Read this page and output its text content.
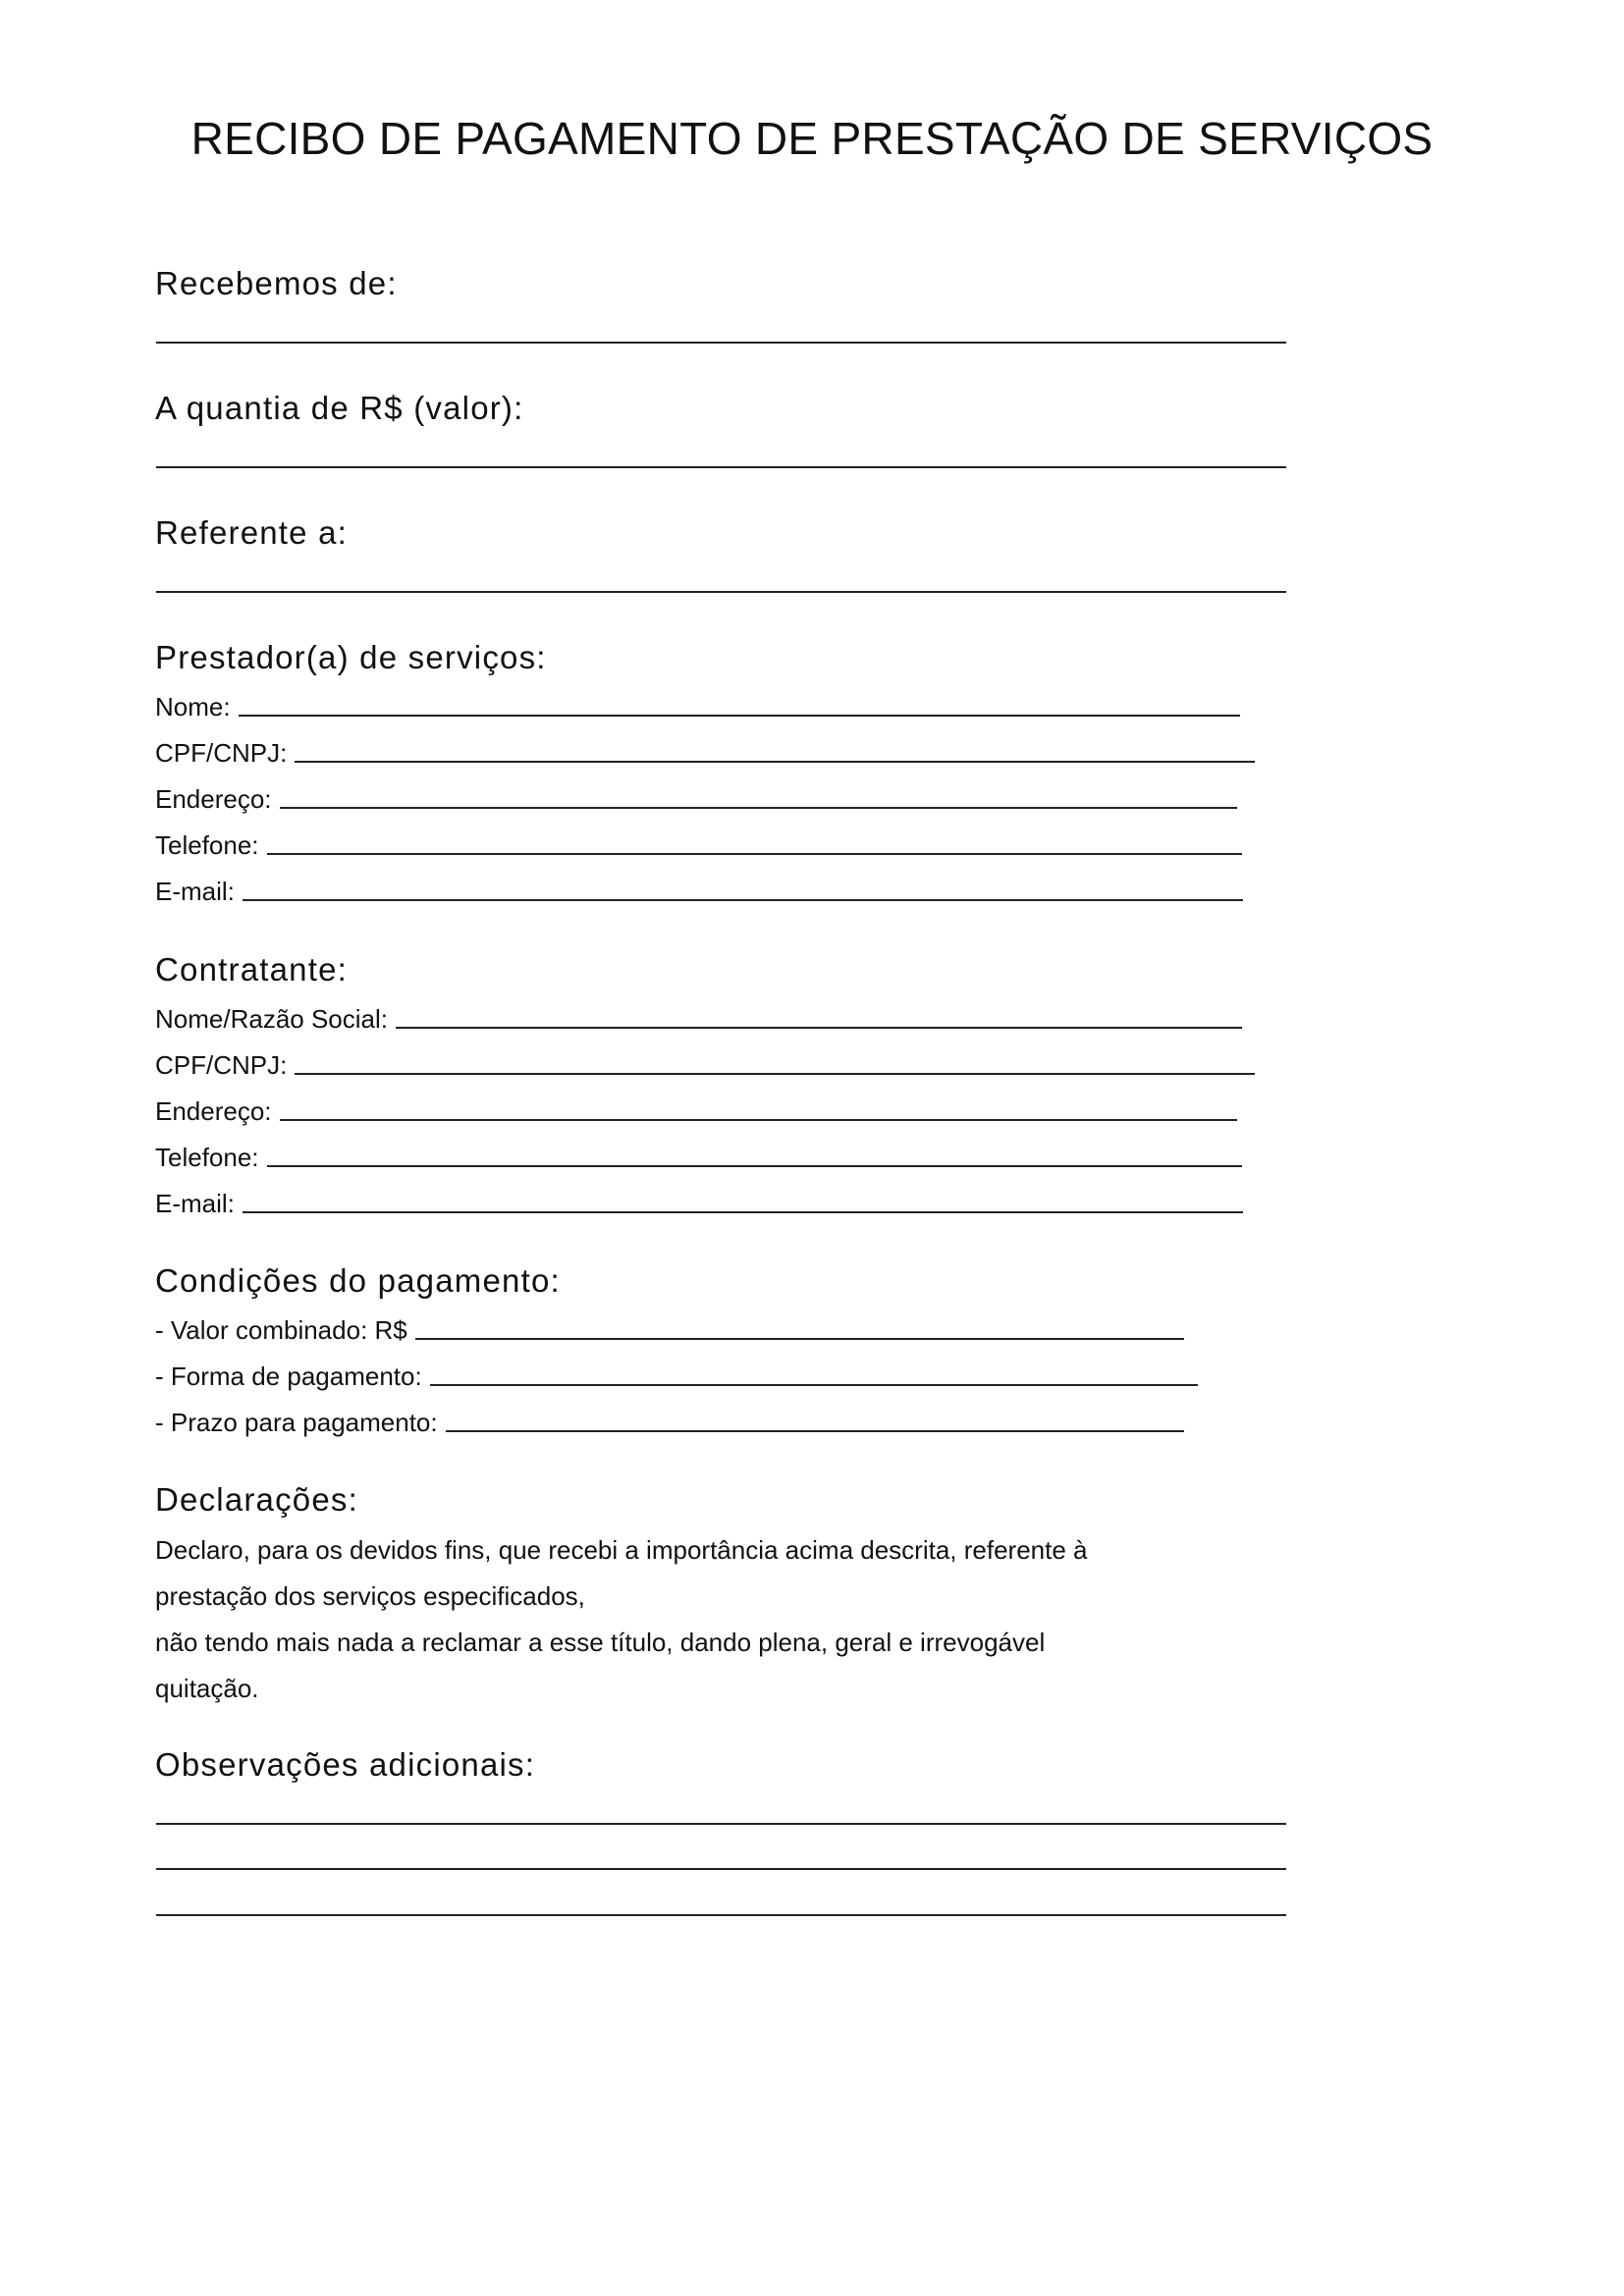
RECIBO DE PAGAMENTO DE PRESTAÇÃO DE SERVIÇOS
Recebemos de:
A quantia de R$ (valor):
Referente a:
Prestador(a) de serviços:
Nome:
CPF/CNPJ:
Endereço:
Telefone:
E-mail:
Contratante:
Nome/Razão Social:
CPF/CNPJ:
Endereço:
Telefone:
E-mail:
Condições do pagamento:
- Valor combinado: R$
- Forma de pagamento:
- Prazo para pagamento:
Declarações:
Declaro, para os devidos fins, que recebi a importância acima descrita, referente à
prestação dos serviços especificados,
não tendo mais nada a reclamar a esse título, dando plena, geral e irrevogável
quitação.
Observações adicionais:
